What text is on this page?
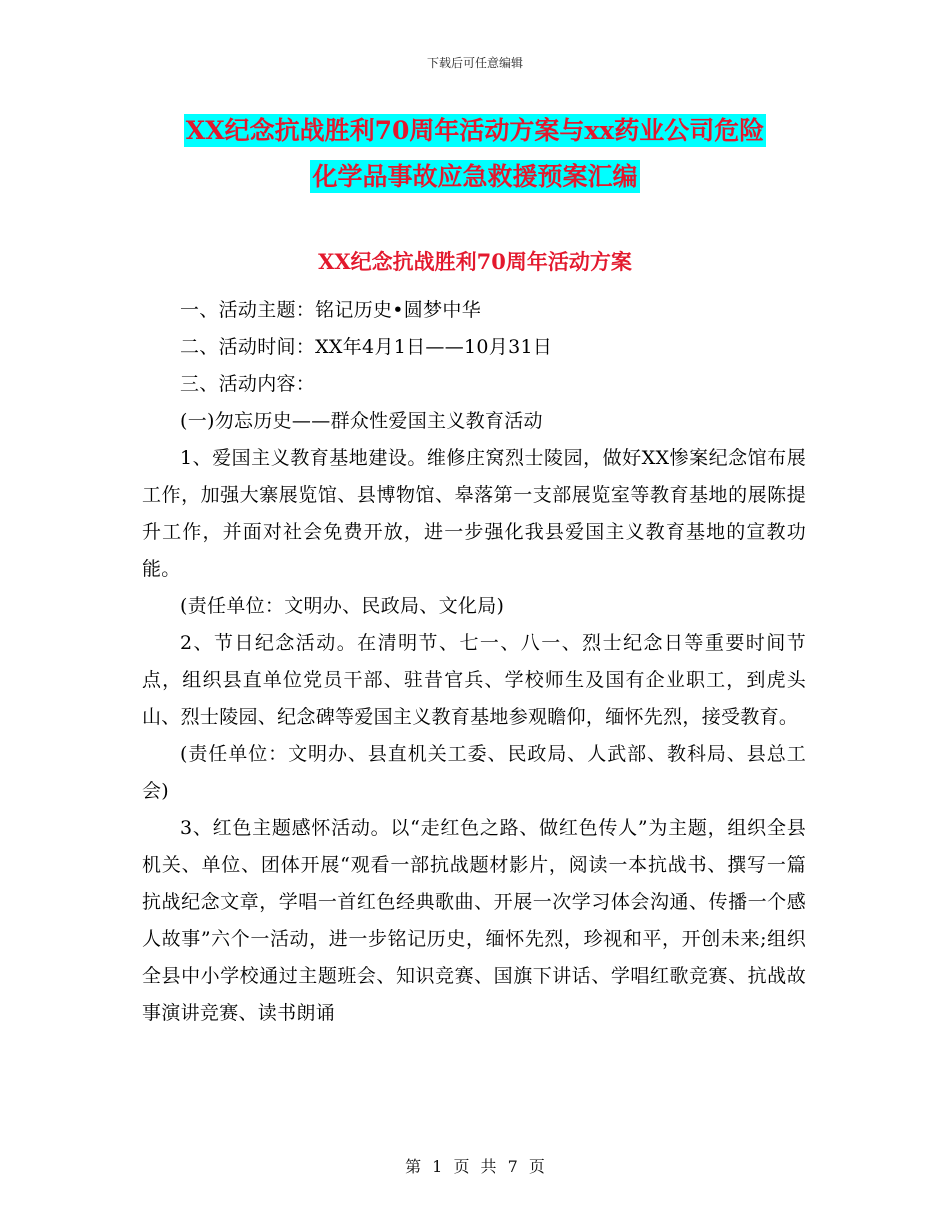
下载后可任意编辑
XX纪念抗战胜利70周年活动方案与xx药业公司危险
化学品事故应急救援预案汇编
XX纪念抗战胜利70周年活动方案

一、活动主题：铭记历史•圆梦中华

二、活动时间：XX年4月1日——10月31日

三、活动内容：

(一)勿忘历史——群众性爱国主义教育活动

1、爱国主义教育基地建设。维修庄窝烈士陵园，做好XX惨案纪念馆布展工作，加强大寨展览馆、县博物馆、皋落第一支部展览室等教育基地的展陈提升工作，并面对社会免费开放，进一步强化我县爱国主义教育基地的宣教功能。

(责任单位：文明办、民政局、文化局)

2、节日纪念活动。在清明节、七一、八一、烈士纪念日等重要时间节点，组织县直单位党员干部、驻昔官兵、学校师生及国有企业职工，到虎头山、烈士陵园、纪念碑等爱国主义教育基地参观瞻仰，缅怀先烈，接受教育。

(责任单位：文明办、县直机关工委、民政局、人武部、教科局、县总工会)

3、红色主题感怀活动。以“走红色之路、做红色传人”为主题，组织全县机关、单位、团体开展“观看一部抗战题材影片，阅读一本抗战书、撰写一篇抗战纪念文章，学唱一首红色经典歌曲、开展一次学习体会沟通、传播一个感人故事”六个一活动，进一步铭记历史，缅怀先烈，珍视和平，开创未来;组织全县中小学校通过主题班会、知识竞赛、国旗下讲话、学唱红歌竞赛、抗战故事演讲竞赛、读书朗诵

第 1 页 共 7 页
